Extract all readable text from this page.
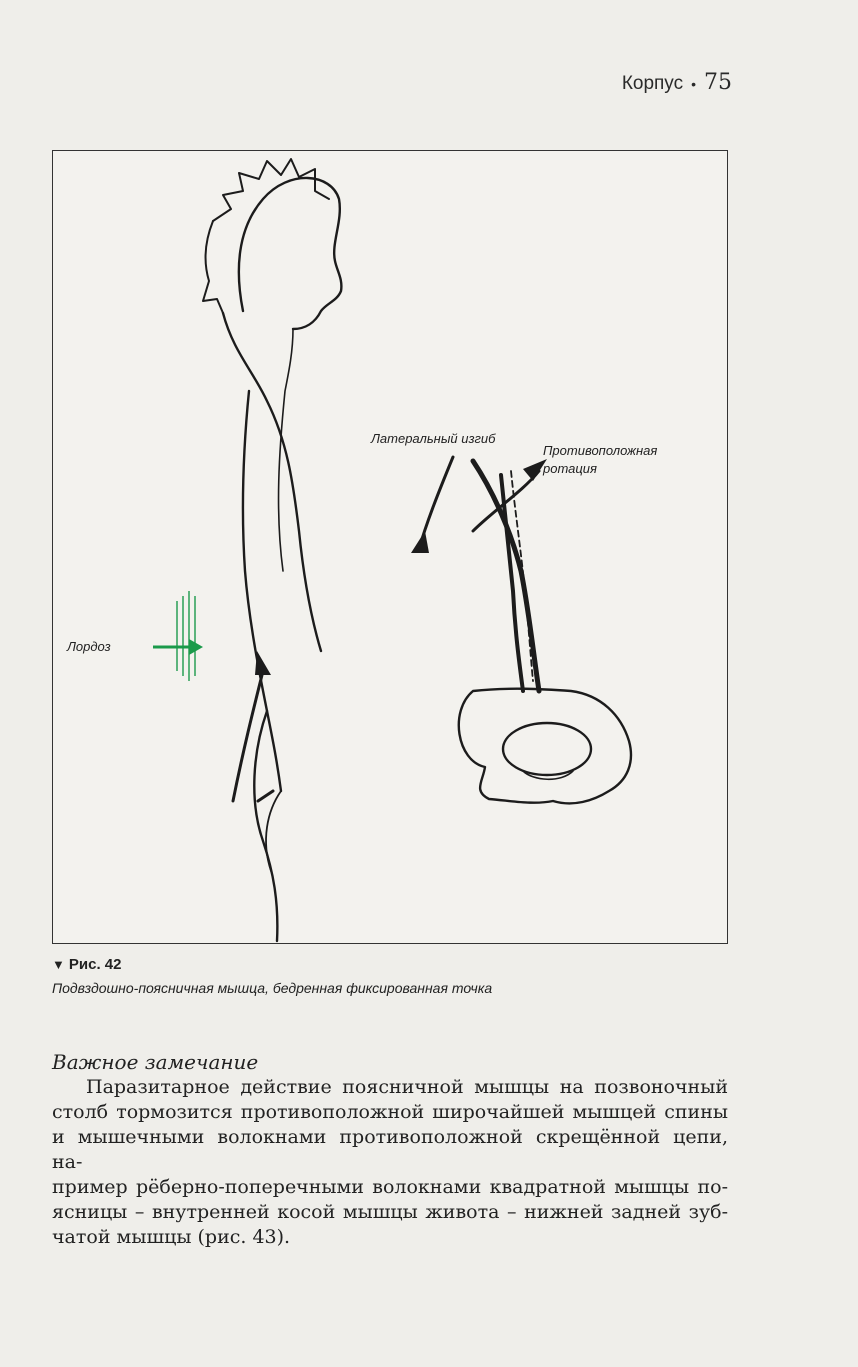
Корпус • 75
Латеральный изгиб
Противоположная
ротация
Лордоз
▼ Рис. 42
Подвздошно-поясничная мышца, бедренная фиксированная точка
Важное замечание

Паразитарное действие поясничной мышцы на позвоночный
столб тормозится противоположной широчайшей мышцей спины
и мышечными волокнами противоположной скрещённой цепи, на-
пример рёберно-поперечными волокнами квадратной мышцы по-
ясницы – внутренней косой мышцы живота – нижней задней зуб-
чатой мышцы (рис. 43).
